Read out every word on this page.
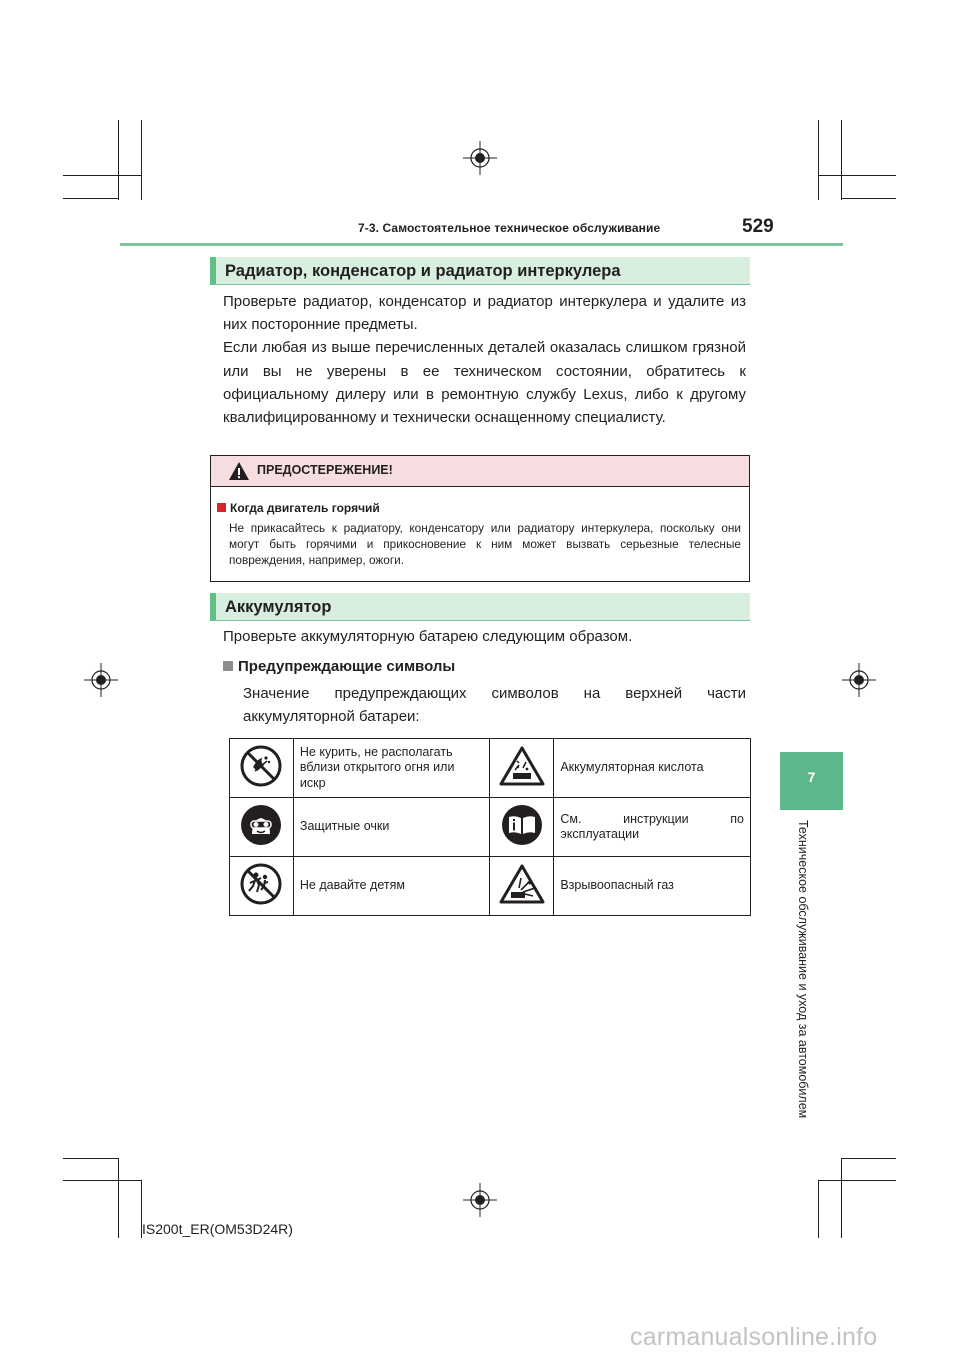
7-3. Самостоятельное техническое обслуживание	529
7
Техническое обслуживание и уход за автомобилем
Радиатор, конденсатор и радиатор интеркулера

Проверьте радиатор, конденсатор и радиатор интеркулера и удалите из них посторонние предметы.

Если любая из выше перечисленных деталей оказалась слишком грязной или вы не уверены в ее техническом состоянии, обратитесь к официальному дилеру или в ремонтную службу Lexus, либо к другому квалифицированному и технически оснащенному специалисту.

ПРЕДОСТЕРЕЖЕНИЕ!
Когда двигатель горячий
Не прикасайтесь к радиатору, конденсатору или радиатору интеркулера, поскольку они могут быть горячими и прикосновение к ним может вызвать серьезные телесные повреждения, например, ожоги.
Аккумулятор
Проверьте аккумуляторную батарею следующим образом.
Предупреждающие символы
Значение предупреждающих символов на верхней части аккумуляторной батареи:
	Не курить, не располагать вблизи открытого огня или искр		Аккумуляторная кислота
	Защитные очки		См. инструкции по эксплуатации
	Не давайте детям		Взрывоопасный газ
IS200t_ER(OM53D24R)
carmanualsonline.info
